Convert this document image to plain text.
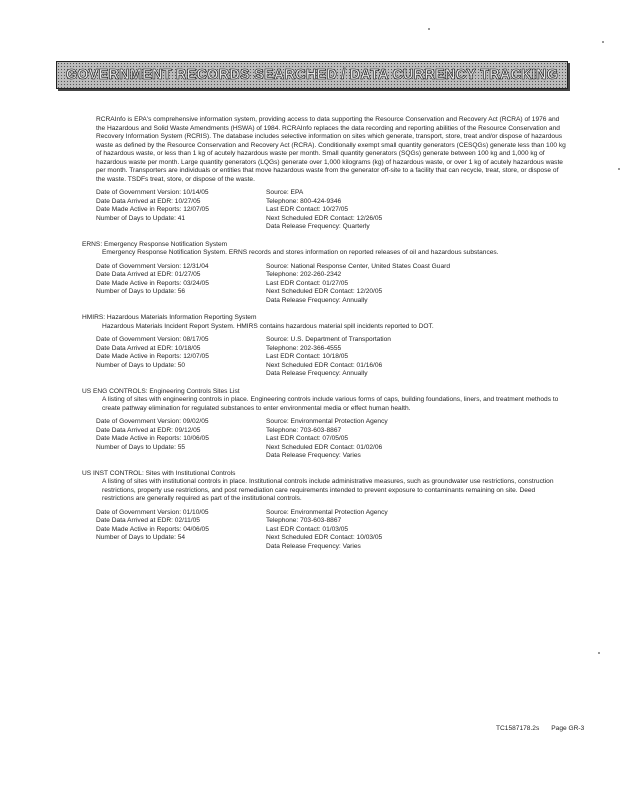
GOVERNMENT RECORDS SEARCHED / DATA CURRENCY TRACKING

RCRAInfo is EPA's comprehensive information system, providing access to data supporting the Resource Conservation and Recovery Act (RCRA) of 1976 and the Hazardous and Solid Waste Amendments (HSWA) of 1984. RCRAInfo replaces the data recording and reporting abilities of the Resource Conservation and Recovery Information System (RCRIS). The database includes selective information on sites which generate, transport, store, treat and/or dispose of hazardous waste as defined by the Resource Conservation and Recovery Act (RCRA). Conditionally exempt small quantity generators (CESQGs) generate less than 100 kg of hazardous waste, or less than 1 kg of acutely hazardous waste per month. Small quantity generators (SQGs) generate between 100 kg and 1,000 kg of hazardous waste per month. Large quantity generators (LQGs) generate over 1,000 kilograms (kg) of hazardous waste, or over 1 kg of acutely hazardous waste per month. Transporters are individuals or entities that move hazardous waste from the generator off-site to a facility that can recycle, treat, store, or dispose of the waste. TSDFs treat, store, or dispose of the waste.

Date of Government Version: 10/14/05
Date Data Arrived at EDR: 10/27/05
Date Made Active in Reports: 12/07/05
Number of Days to Update: 41
Source: EPA
Telephone: 800-424-9346
Last EDR Contact: 10/27/05
Next Scheduled EDR Contact: 12/26/05
Data Release Frequency: Quarterly
ERNS: Emergency Response Notification System

Emergency Response Notification System. ERNS records and stores information on reported releases of oil and hazardous substances.

Date of Government Version: 12/31/04
Date Data Arrived at EDR: 01/27/05
Date Made Active in Reports: 03/24/05
Number of Days to Update: 56
Source: National Response Center, United States Coast Guard
Telephone: 202-260-2342
Last EDR Contact: 01/27/05
Next Scheduled EDR Contact: 12/20/05
Data Release Frequency: Annually
HMIRS: Hazardous Materials Information Reporting System

Hazardous Materials Incident Report System. HMIRS contains hazardous material spill incidents reported to DOT.

Date of Government Version: 08/17/05
Date Data Arrived at EDR: 10/18/05
Date Made Active in Reports: 12/07/05
Number of Days to Update: 50
Source: U.S. Department of Transportation
Telephone: 202-366-4555
Last EDR Contact: 10/18/05
Next Scheduled EDR Contact: 01/16/06
Data Release Frequency: Annually
US ENG CONTROLS: Engineering Controls Sites List

A listing of sites with engineering controls in place. Engineering controls include various forms of caps, building foundations, liners, and treatment methods to create pathway elimination for regulated substances to enter environmental media or effect human health.

Date of Government Version: 09/02/05
Date Data Arrived at EDR: 09/12/05
Date Made Active in Reports: 10/06/05
Number of Days to Update: 55
Source: Environmental Protection Agency
Telephone: 703-603-8867
Last EDR Contact: 07/05/05
Next Scheduled EDR Contact: 01/02/06
Data Release Frequency: Varies
US INST CONTROL: Sites with Institutional Controls

A listing of sites with institutional controls in place. Institutional controls include administrative measures, such as groundwater use restrictions, construction restrictions, property use restrictions, and post remediation care requirements intended to prevent exposure to contaminants remaining on site. Deed restrictions are generally required as part of the institutional controls.

Date of Government Version: 01/10/05
Date Data Arrived at EDR: 02/11/05
Date Made Active in Reports: 04/06/05
Number of Days to Update: 54
Source: Environmental Protection Agency
Telephone: 703-603-8867
Last EDR Contact: 01/03/05
Next Scheduled EDR Contact: 10/03/05
Data Release Frequency: Varies
TC1587178.2s Page GR-3
